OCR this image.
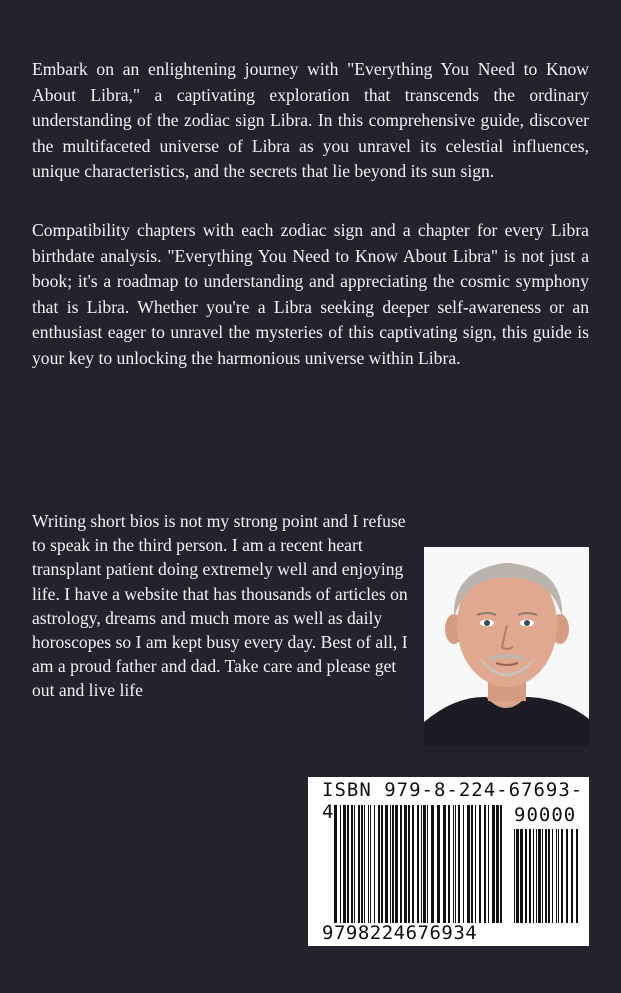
Embark on an enlightening journey with "Everything You Need to Know About Libra," a captivating exploration that transcends the ordinary understanding of the zodiac sign Libra. In this comprehensive guide, discover the multifaceted universe of Libra as you unravel its celestial influences, unique characteristics, and the secrets that lie beyond its sun sign.

Compatibility chapters with each zodiac sign and a chapter for every Libra birthdate analysis. "Everything You Need to Know About Libra" is not just a book; it's a roadmap to understanding and appreciating the cosmic symphony that is Libra. Whether you're a Libra seeking deeper self-awareness or an enthusiast eager to unravel the mysteries of this captivating sign, this guide is your key to unlocking the harmonious universe within Libra.

Writing short bios is not my strong point and I refuse to speak in the third person. I am a recent heart transplant patient doing extremely well and enjoying life. I have a website that has thousands of articles on astrology, dreams and much more as well as daily horoscopes so I am kept busy every day. Best of all, I am a proud father and dad. Take care and please get out and live life

ISBN 979-8-224-67693-4	90000
9798224676934
